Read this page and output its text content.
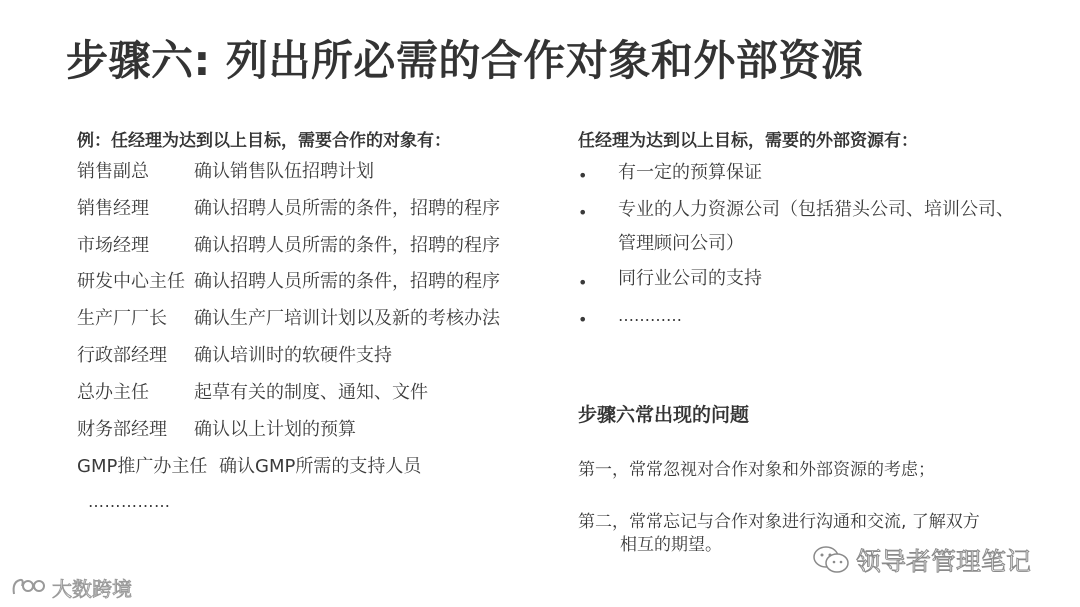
步骤六: 列出所必需的合作对象和外部资源
例：任经理为达到以上目标，需要合作的对象有：
销售副总	确认销售队伍招聘计划
销售经理	确认招聘人员所需的条件，招聘的程序
市场经理	确认招聘人员所需的条件，招聘的程序
研发中心主任 确认招聘人员所需的条件，招聘的程序
生产厂厂长 确认生产厂培训计划以及新的考核办法
行政部经理 确认培训时的软硬件支持
总办主任	起草有关的制度、通知、文件
财务部经理 确认以上计划的预算
GMP推广办主任 确认GMP所需的支持人员
……………
任经理为达到以上目标，需要的外部资源有：
• 有一定的预算保证
• 专业的人力资源公司（包括猎头公司、培训公司、管理顾问公司）
• 同行业公司的支持
• …………
步骤六常出现的问题
第一，常常忽视对合作对象和外部资源的考虑；
第二，常常忘记与合作对象进行沟通和交流, 了解双方
相互的期望。
领导者管理笔记
大数跨境
